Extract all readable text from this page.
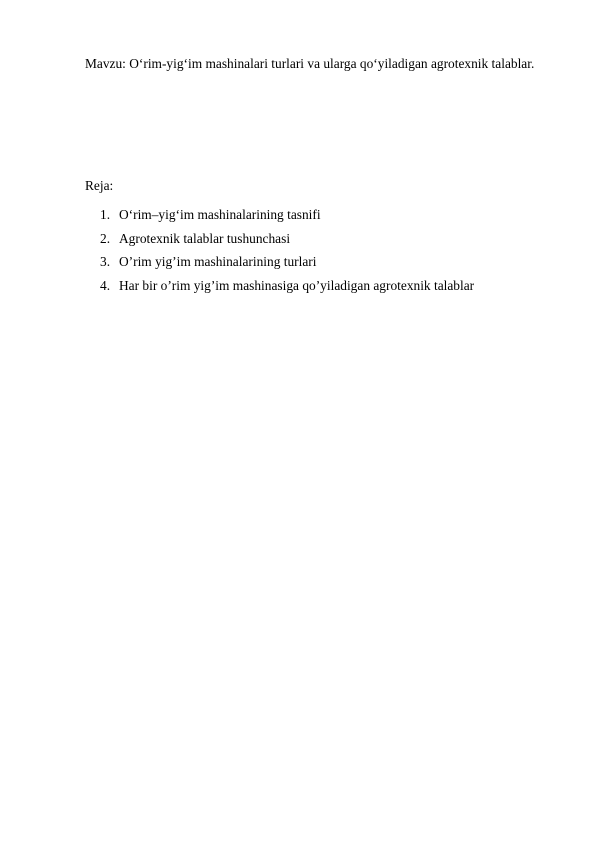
Mavzu: O‘rim-yig‘im mashinalari turlari va ularga qo‘yiladigan agrotexnik talablar.
Reja:
1. O‘rim–yig‘im mashinalarining tasnifi
2. Agrotexnik talablar tushunchasi
3. O’rim yig’im mashinalarining turlari
4. Har bir o’rim yig’im mashinasiga qo’yiladigan agrotexnik talablar
